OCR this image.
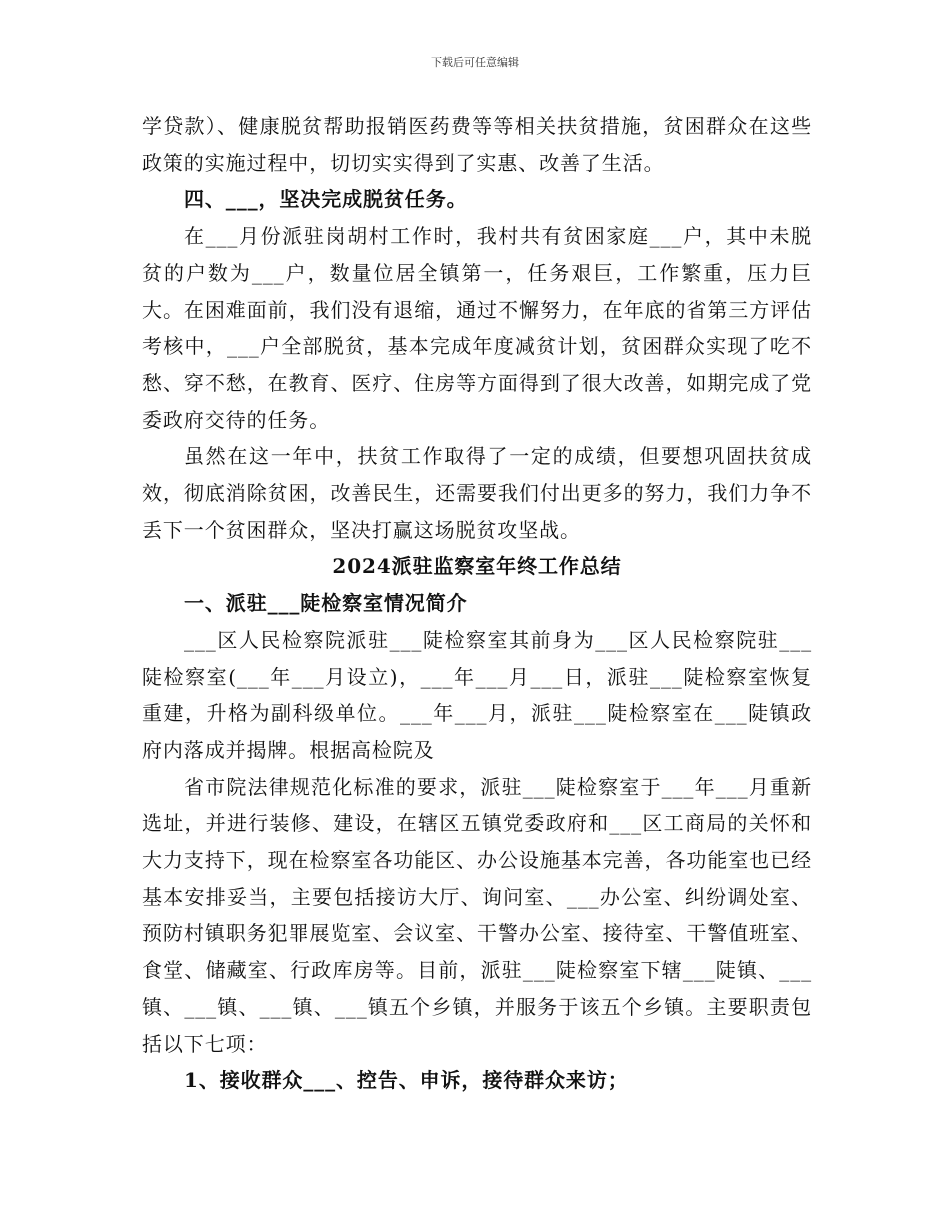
下载后可任意编辑

学贷款）、健康脱贫帮助报销医药费等等相关扶贫措施，贫困群众在这些政策的实施过程中，切切实实得到了实惠、改善了生活。

四、___，坚决完成脱贫任务。

在___月份派驻岗胡村工作时，我村共有贫困家庭___户，其中未脱贫的户数为___户，数量位居全镇第一，任务艰巨，工作繁重，压力巨大。在困难面前，我们没有退缩，通过不懈努力，在年底的省第三方评估考核中，___户全部脱贫，基本完成年度减贫计划，贫困群众实现了吃不愁、穿不愁，在教育、医疗、住房等方面得到了很大改善，如期完成了党委政府交待的任务。

虽然在这一年中，扶贫工作取得了一定的成绩，但要想巩固扶贫成效，彻底消除贫困，改善民生，还需要我们付出更多的努力，我们力争不丢下一个贫困群众，坚决打赢这场脱贫攻坚战。

2024派驻监察室年终工作总结

一、派驻___陡检察室情况简介

___区人民检察院派驻___陡检察室其前身为___区人民检察院驻___陡检察室(___年___月设立)，___年___月___日，派驻___陡检察室恢复重建，升格为副科级单位。___年___月，派驻___陡检察室在___陡镇政府内落成并揭牌。根据高检院及

省市院法律规范化标准的要求，派驻___陡检察室于___年___月重新选址，并进行装修、建设，在辖区五镇党委政府和___区工商局的关怀和大力支持下，现在检察室各功能区、办公设施基本完善，各功能室也已经基本安排妥当，主要包括接访大厅、询问室、___办公室、纠纷调处室、预防村镇职务犯罪展览室、会议室、干警办公室、接待室、干警值班室、食堂、储藏室、行政库房等。目前，派驻___陡检察室下辖___陡镇、___镇、___镇、___镇、___镇五个乡镇，并服务于该五个乡镇。主要职责包括以下七项：

1、接收群众___、控告、申诉，接待群众来访；
